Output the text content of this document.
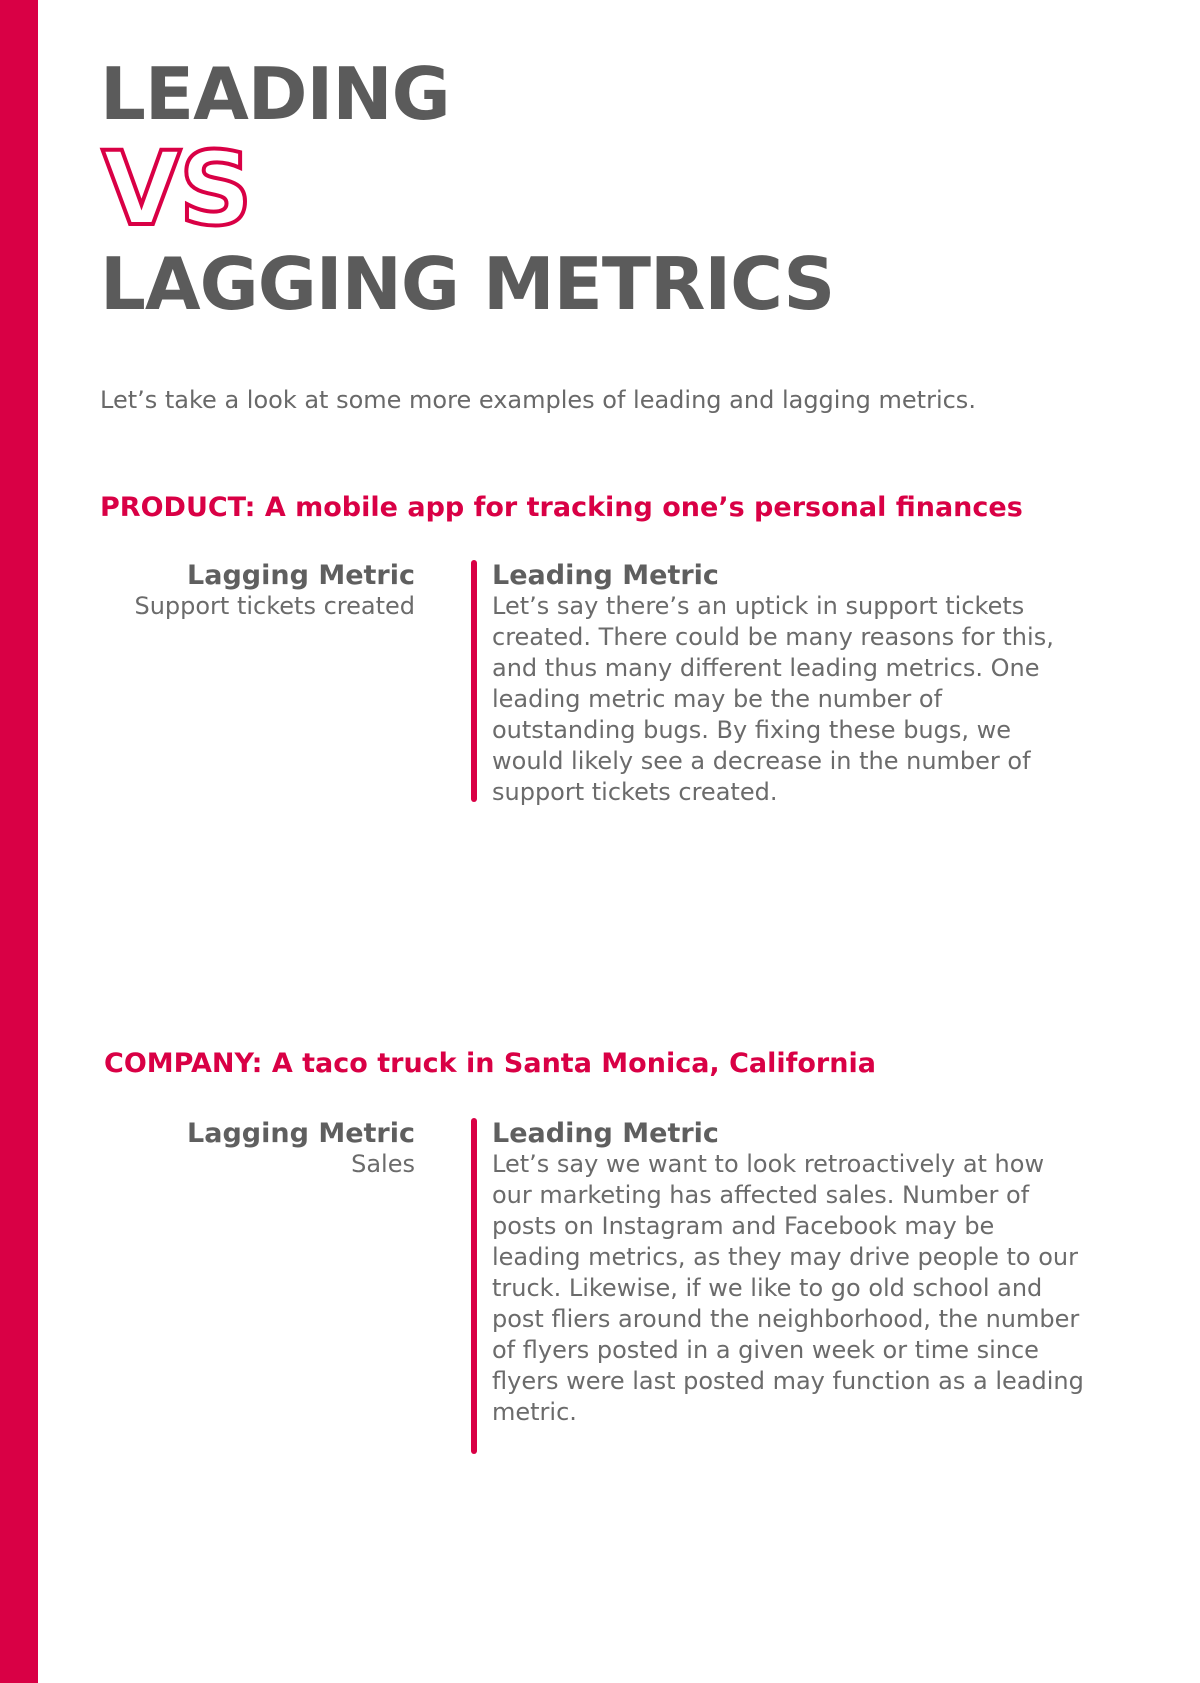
LEADING
VS
LAGGING METRICS

Let’s take a look at some more examples of leading and lagging metrics.

PRODUCT: A mobile app for tracking one’s personal finances
Lagging Metric

Support tickets created

Leading Metric

Let’s say there’s an uptick in support tickets created. There could be many reasons for this, and thus many different leading metrics. One leading metric may be the number of outstanding bugs. By fixing these bugs, we would likely see a decrease in the number of support tickets created.

COMPANY: A taco truck in Santa Monica, California
Lagging Metric

Sales

Leading Metric

Let’s say we want to look retroactively at how our marketing has affected sales. Number of posts on Instagram and Facebook may be leading metrics, as they may drive people to our truck. Likewise, if we like to go old school and post fliers around the neighborhood, the number of flyers posted in a given week or time since flyers were last posted may function as a leading metric.
